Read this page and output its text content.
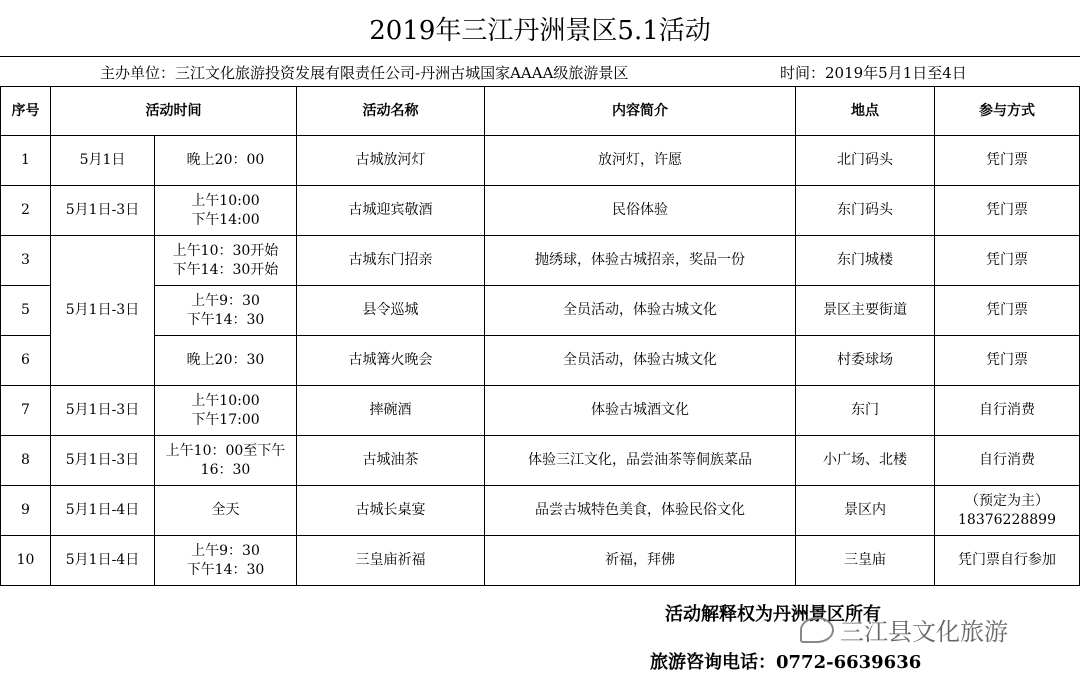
2019年三江丹洲景区5.1活动
主办单位：三江文化旅游投资发展有限责任公司-丹洲古城国家AAAA级旅游景区	时间：2019年5月1日至4日
序号	活动时间		活动名称	内容简介	地点	参与方式
1	5月1日	晚上20：00	古城放河灯	放河灯，许愿	北门码头	凭门票
2	5月1日-3日	上午10:00
下午14:00	古城迎宾敬酒	民俗体验	东门码头	凭门票
3	5月1日-3日	上午10：30开始
下午14：30开始	古城东门招亲	抛绣球，体验古城招亲，奖品一份	东门城楼	凭门票
5		上午9：30
下午14：30	县令巡城	全员活动，体验古城文化	景区主要街道	凭门票
6		晚上20：30	古城篝火晚会	全员活动，体验古城文化	村委球场	凭门票
7	5月1日-3日	上午10:00
下午17:00	摔碗酒	体验古城酒文化	东门	自行消费
8	5月1日-3日	上午10：00至下午
16：30	古城油茶	体验三江文化，品尝油茶等侗族菜品	小广场、北楼	自行消费
9	5月1日-4日	全天	古城长桌宴	品尝古城特色美食，体验民俗文化	景区内	（预定为主）
18376228899
10	5月1日-4日	上午9：30
下午14：30	三皇庙祈福	祈福，拜佛	三皇庙	凭门票自行参加
活动解释权为丹洲景区所有
旅游咨询电话：0772-6639636
三江县文化旅游
